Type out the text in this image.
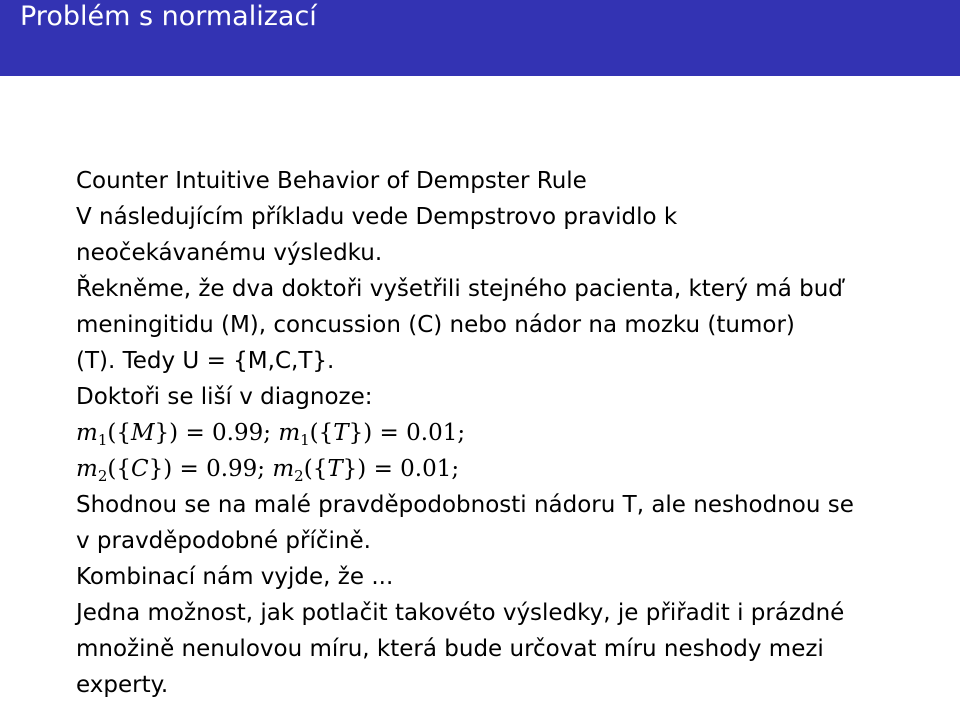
Problém s normalizací
Counter Intuitive Behavior of Dempster Rule
V následujícím příkladu vede Dempstrovo pravidlo k
neočekávanému výsledku.
Řekněme, že dva doktoři vyšetřili stejného pacienta, který má buď
meningitidu (M), concussion (C) nebo nádor na mozku (tumor)
(T). Tedy U = {M,C,T}.
Doktoři se liší v diagnoze:
$m_1(\{M\}) = 0.99$; $m_1(\{T\}) = 0.01$;
$m_2(\{C\}) = 0.99$; $m_2(\{T\}) = 0.01$;
Shodnou se na malé pravděpodobnosti nádoru T, ale neshodnou se
v pravděpodobné příčině.
Kombinací nám vyjde, že ...
Jedna možnost, jak potlačit takovéto výsledky, je přiřadit i prázdné
množině nenulovou míru, která bude určovat míru neshody mezi
experty.
